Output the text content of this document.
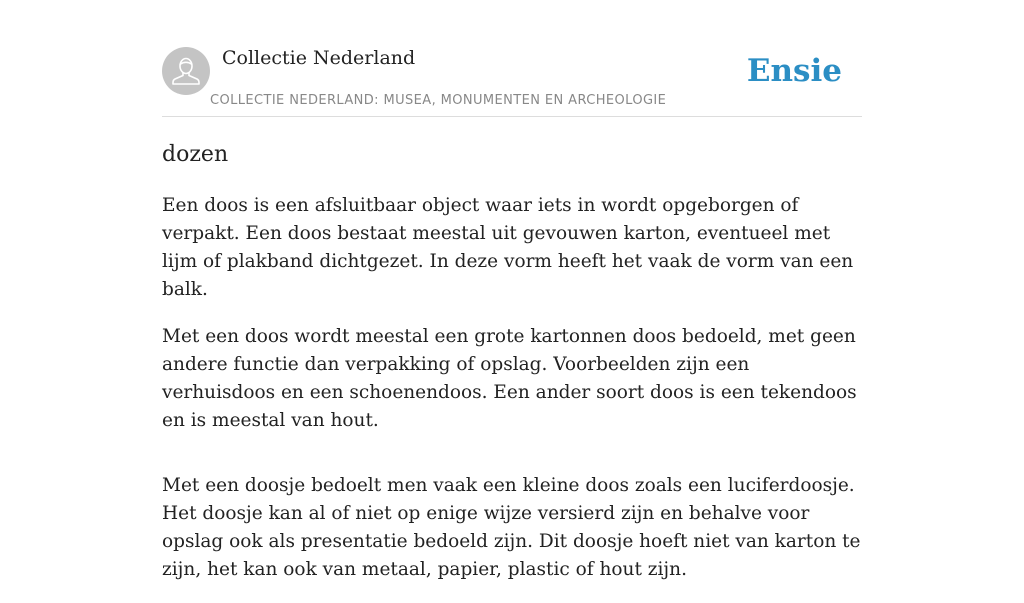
Collectie Nederland
COLLECTIE NEDERLAND: MUSEA, MONUMENTEN EN ARCHEOLOGIE
Ensie
dozen

Een doos is een afsluitbaar object waar iets in wordt opgeborgen of verpakt. Een doos bestaat meestal uit gevouwen karton, eventueel met lijm of plakband dichtgezet. In deze vorm heeft het vaak de vorm van een balk.

Met een doos wordt meestal een grote kartonnen doos bedoeld, met geen andere functie dan verpakking of opslag. Voorbeelden zijn een verhuisdoos en een schoenendoos. Een ander soort doos is een tekendoos en is meestal van hout.

Met een doosje bedoelt men vaak een kleine doos zoals een luciferdoosje. Het doosje kan al of niet op enige wijze versierd zijn en behalve voor opslag ook als presentatie bedoeld zijn. Dit doosje hoeft niet van karton te zijn, het kan ook van metaal, papier, plastic of hout zijn.
